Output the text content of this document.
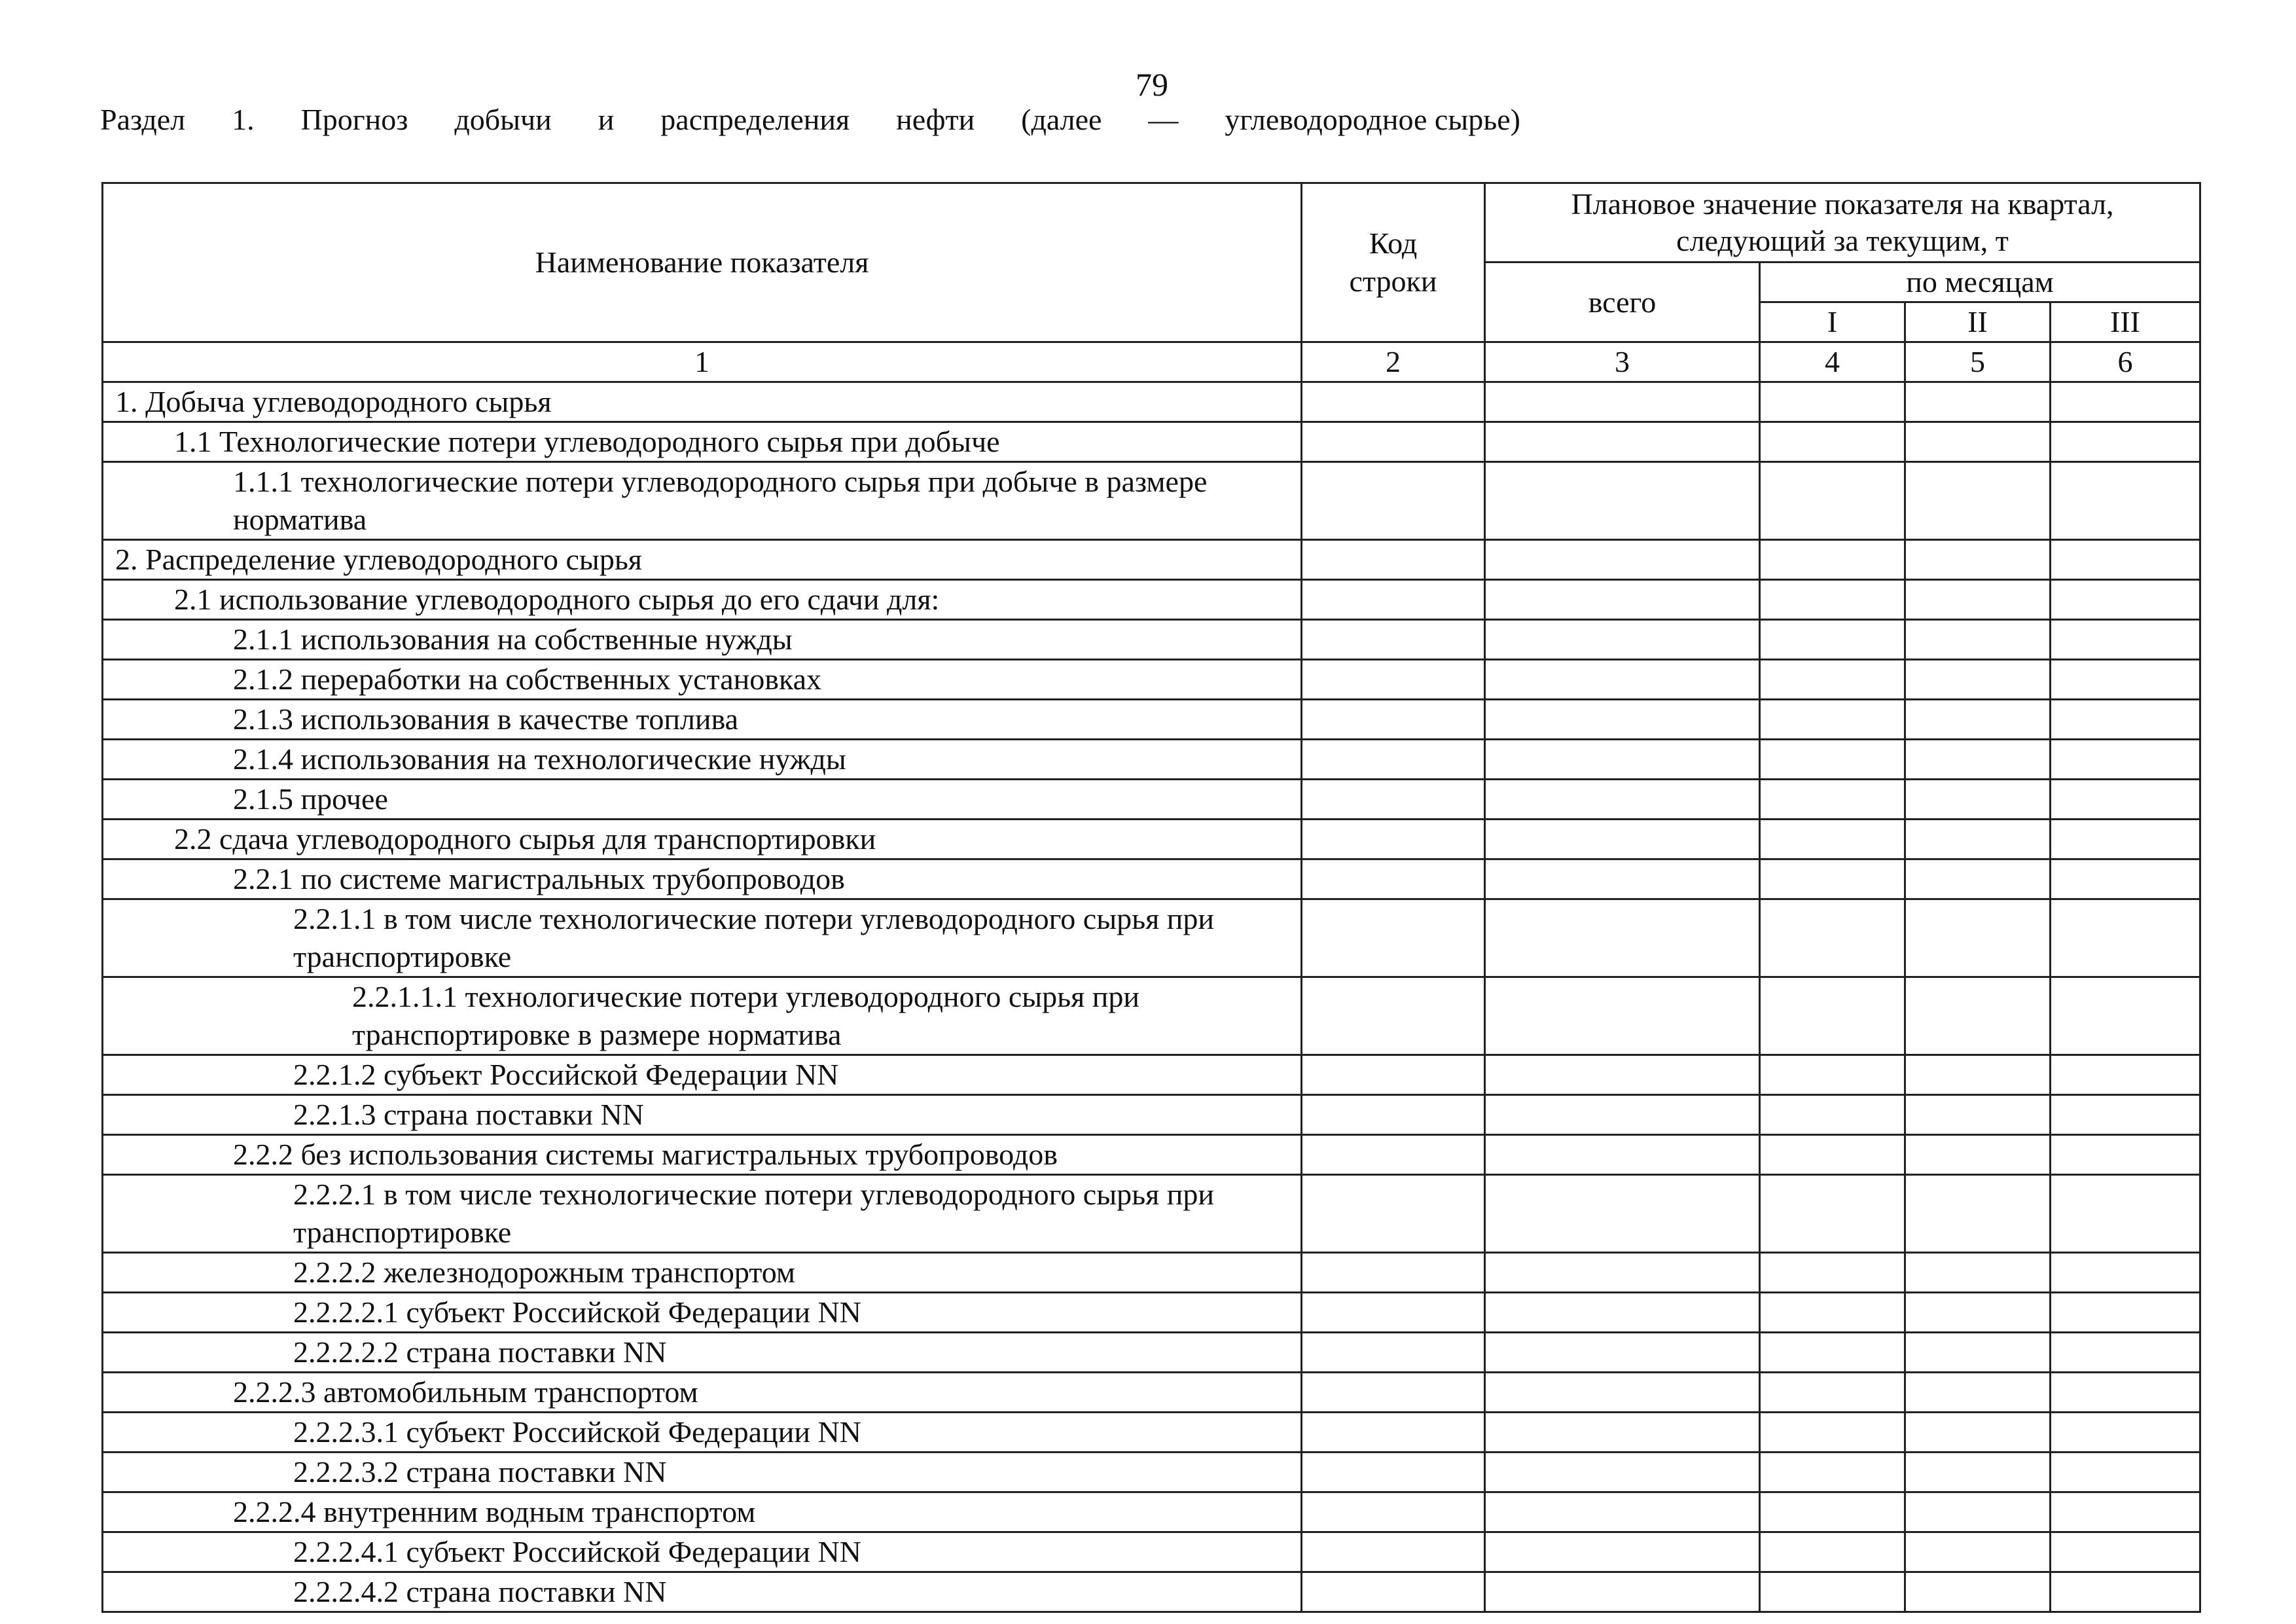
79
Раздел 1. Прогноз добычи и распределения нефти (далее — углеводородное сырье)
Наименование показателя	Код строки	Плановое значение показателя на квартал, следующий за текущим, т			

		всего	по месяцам		
			I	II	III
1	2	3	4	5	6

1. Добыча углеводородного сырья					

1.1 Технологические потери углеводородного сырья при добыче					

1.1.1 технологические потери углеводородного сырья при добыче в размере норматива					

2. Распределение углеводородного сырья					

2.1 использование углеводородного сырья до его сдачи для:					

2.1.1 использования на собственные нужды					

2.1.2 переработки на собственных установках					

2.1.3 использования в качестве топлива					

2.1.4 использования на технологические нужды					

2.1.5 прочее					

2.2 сдача углеводородного сырья для транспортировки					

2.2.1 по системе магистральных трубопроводов					

2.2.1.1 в том числе технологические потери углеводородного сырья при транспортировке					

2.2.1.1.1 технологические потери углеводородного сырья при транспортировке в размере норматива					

2.2.1.2 субъект Российской Федерации NN					

2.2.1.3 страна поставки NN					

2.2.2 без использования системы магистральных трубопроводов					

2.2.2.1 в том числе технологические потери углеводородного сырья при транспортировке					

2.2.2.2 железнодорожным транспортом					

2.2.2.2.1 субъект Российской Федерации NN					

2.2.2.2.2 страна поставки NN					

2.2.2.3 автомобильным транспортом					

2.2.2.3.1 субъект Российской Федерации NN					

2.2.2.3.2 страна поставки NN					

2.2.2.4 внутренним водным транспортом					

2.2.2.4.1 субъект Российской Федерации NN					

2.2.2.4.2 страна поставки NN					
